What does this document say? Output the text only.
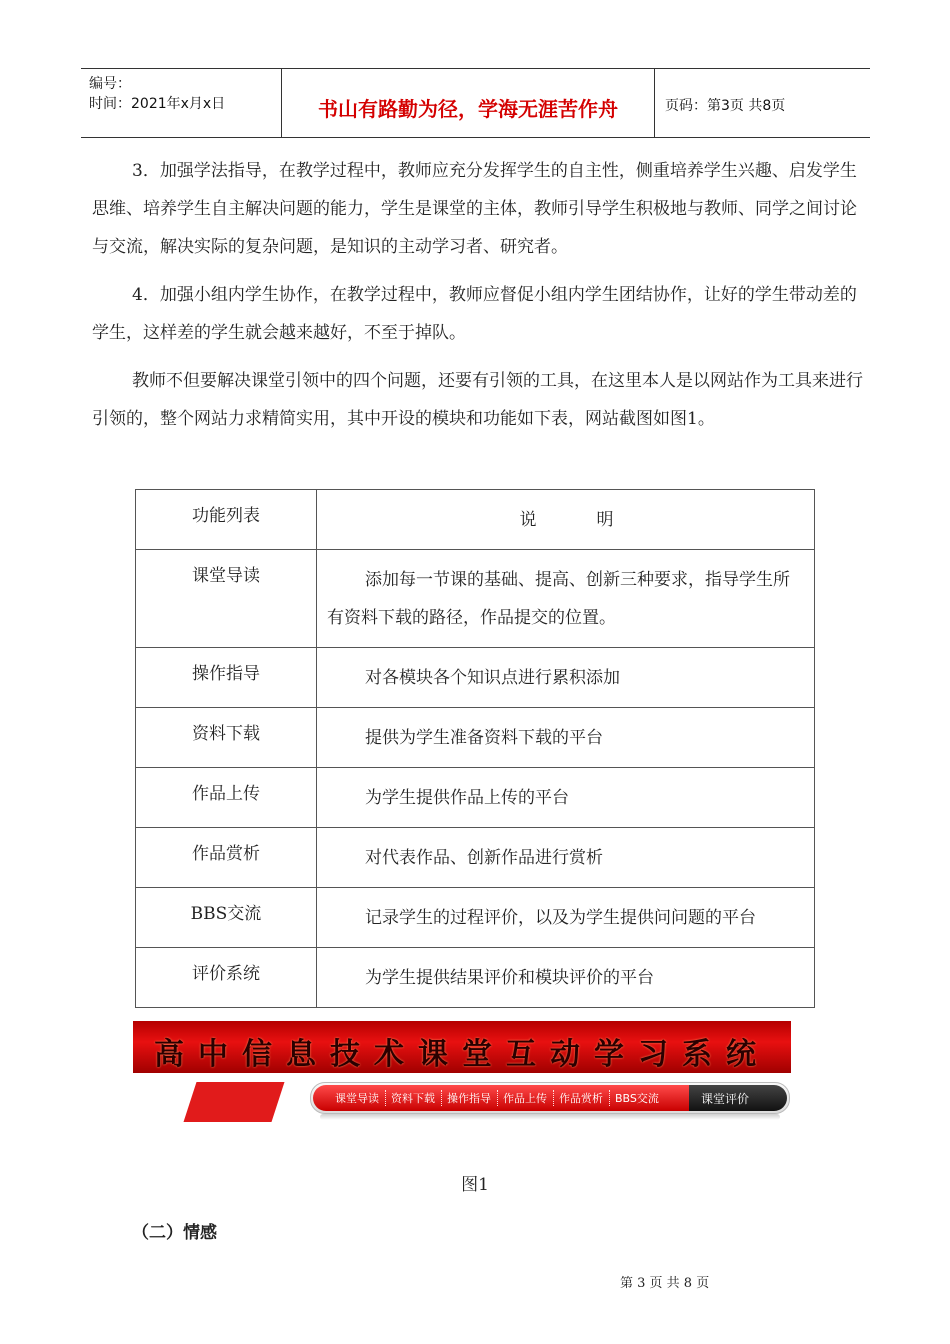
编号：
时间：2021年x月x日	书山有路勤为径，学海无涯苦作舟	页码：第3页 共8页

3．加强学法指导，在教学过程中，教师应充分发挥学生的自主性，侧重培养学生兴趣、启发学生思维、培养学生自主解决问题的能力，学生是课堂的主体，教师引导学生积极地与教师、同学之间讨论与交流，解决实际的复杂问题，是知识的主动学习者、研究者。

4．加强小组内学生协作，在教学过程中，教师应督促小组内学生团结协作，让好的学生带动差的学生，这样差的学生就会越来越好，不至于掉队。

教师不但要解决课堂引领中的四个问题，还要有引领的工具，在这里本人是以网站作为工具来进行引领的，整个网站力求精简实用，其中开设的模块和功能如下表，网站截图如图1。

功能列表	说 明

课堂导读	添加每一节课的基础、提高、创新三种要求，指导学生所有资料下载的路径，作品提交的位置。

操作指导	对各模块各个知识点进行累积添加

资料下载	提供为学生准备资料下载的平台

作品上传	为学生提供作品上传的平台

作品赏析	对代表作品、创新作品进行赏析

BBS交流	记录学生的过程评价，以及为学生提供问问题的平台

评价系统	为学生提供结果评价和模块评价的平台
高中信息技术课堂互动学习系统
课堂导读 资料下载 操作指导 作品上传 作品赏析 BBS交流	课堂评价
图1
（二）情感
第 3 页 共 8 页
